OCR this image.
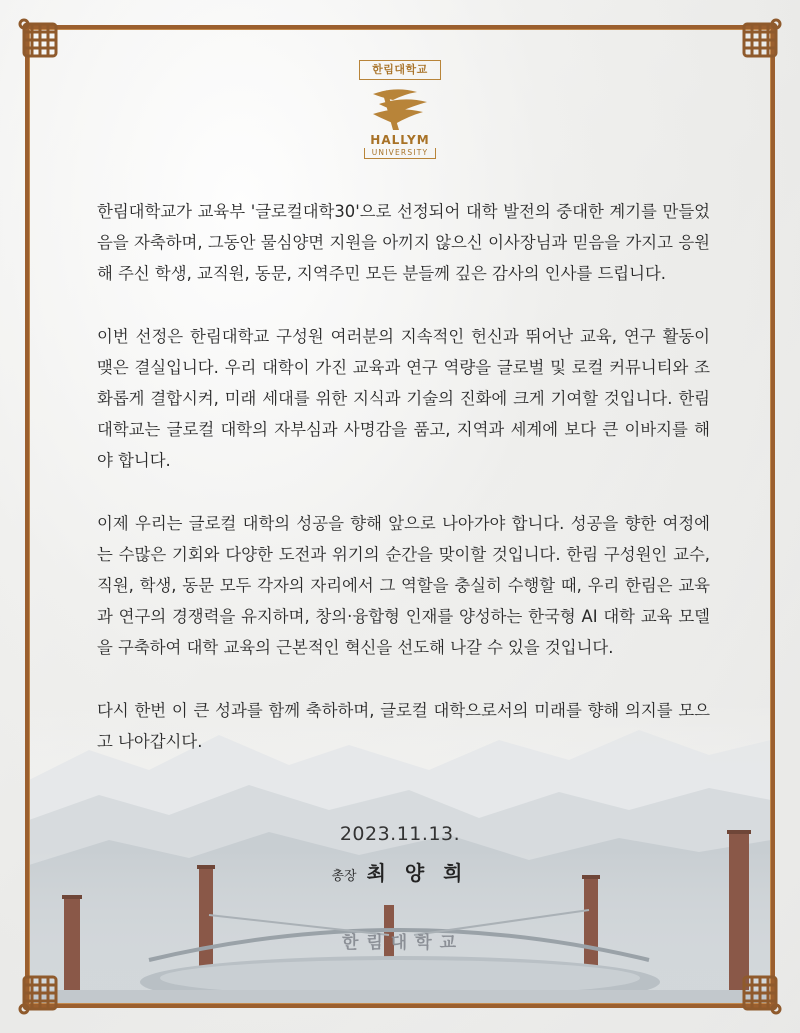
한림대학교
HALLYM
UNIVERSITY

한림대학교가 교육부 '글로컬대학30'으로 선정되어 대학 발전의 중대한 계기를 만들었음을 자축하며, 그동안 물심양면 지원을 아끼지 않으신 이사장님과 믿음을 가지고 응원해 주신 학생, 교직원, 동문, 지역주민 모든 분들께 깊은 감사의 인사를 드립니다.

이번 선정은 한림대학교 구성원 여러분의 지속적인 헌신과 뛰어난 교육, 연구 활동이 맺은 결실입니다. 우리 대학이 가진 교육과 연구 역량을 글로벌 및 로컬 커뮤니티와 조화롭게 결합시켜, 미래 세대를 위한 지식과 기술의 진화에 크게 기여할 것입니다. 한림대학교는 글로컬 대학의 자부심과 사명감을 품고, 지역과 세계에 보다 큰 이바지를 해야 합니다.

이제 우리는 글로컬 대학의 성공을 향해 앞으로 나아가야 합니다. 성공을 향한 여정에는 수많은 기회와 다양한 도전과 위기의 순간을 맞이할 것입니다. 한림 구성원인 교수, 직원, 학생, 동문 모두 각자의 자리에서 그 역할을 충실히 수행할 때, 우리 한림은 교육과 연구의 경쟁력을 유지하며, 창의·융합형 인재를 양성하는 한국형 AI 대학 교육 모델을 구축하여 대학 교육의 근본적인 혁신을 선도해 나갈 수 있을 것입니다.

다시 한번 이 큰 성과를 함께 축하하며, 글로컬 대학으로서의 미래를 향해 의지를 모으고 나아갑시다.

2023.11.13.
총장 최 양 희
한림대학교
